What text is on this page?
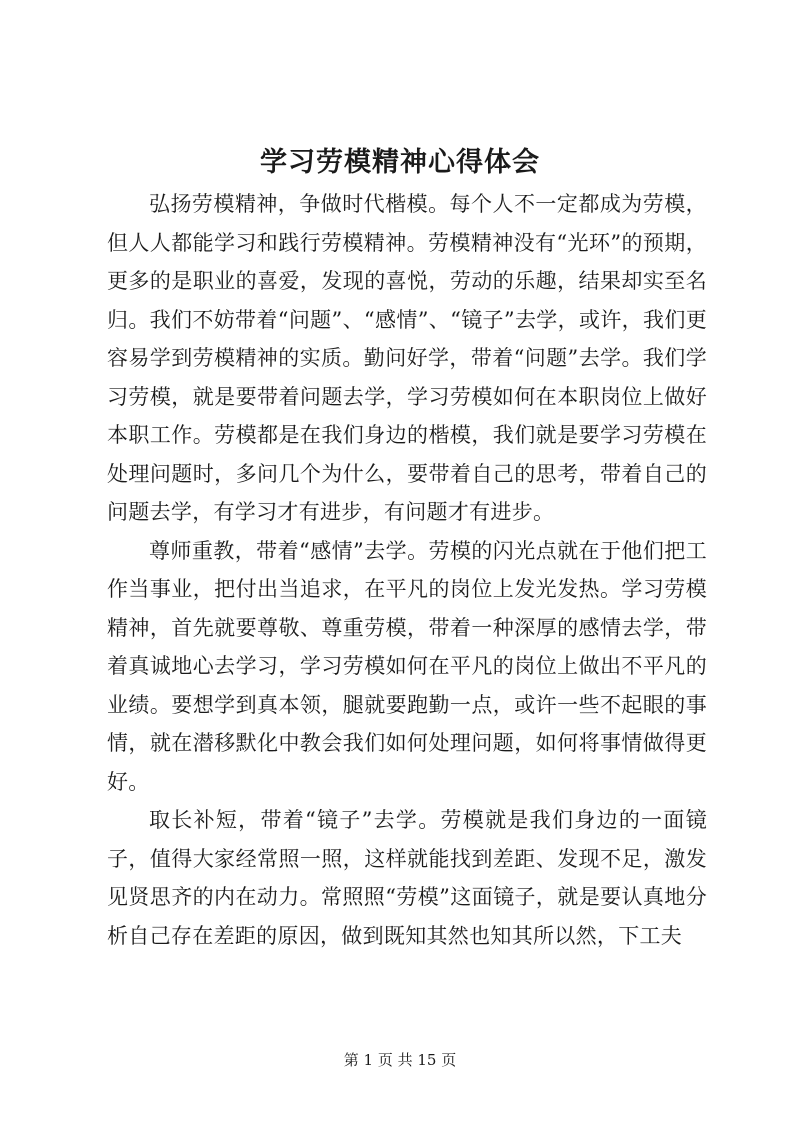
学习劳模精神心得体会

弘扬劳模精神，争做时代楷模。每个人不一定都成为劳模，但人人都能学习和践行劳模精神。劳模精神没有“光环”的预期，更多的是职业的喜爱，发现的喜悦，劳动的乐趣，结果却实至名归。我们不妨带着“问题”、“感情”、“镜子”去学，或许，我们更容易学到劳模精神的实质。勤问好学，带着“问题”去学。我们学习劳模，就是要带着问题去学，学习劳模如何在本职岗位上做好本职工作。劳模都是在我们身边的楷模，我们就是要学习劳模在处理问题时，多问几个为什么，要带着自己的思考，带着自己的问题去学，有学习才有进步，有问题才有进步。

尊师重教，带着“感情”去学。劳模的闪光点就在于他们把工作当事业，把付出当追求，在平凡的岗位上发光发热。学习劳模精神，首先就要尊敬、尊重劳模，带着一种深厚的感情去学，带着真诚地心去学习，学习劳模如何在平凡的岗位上做出不平凡的业绩。要想学到真本领，腿就要跑勤一点，或许一些不起眼的事情，就在潜移默化中教会我们如何处理问题，如何将事情做得更好。

取长补短，带着“镜子”去学。劳模就是我们身边的一面镜子，值得大家经常照一照，这样就能找到差距、发现不足，激发见贤思齐的内在动力。常照照“劳模”这面镜子，就是要认真地分析自己存在差距的原因，做到既知其然也知其所以然，下工夫

第 1 页 共 15 页
